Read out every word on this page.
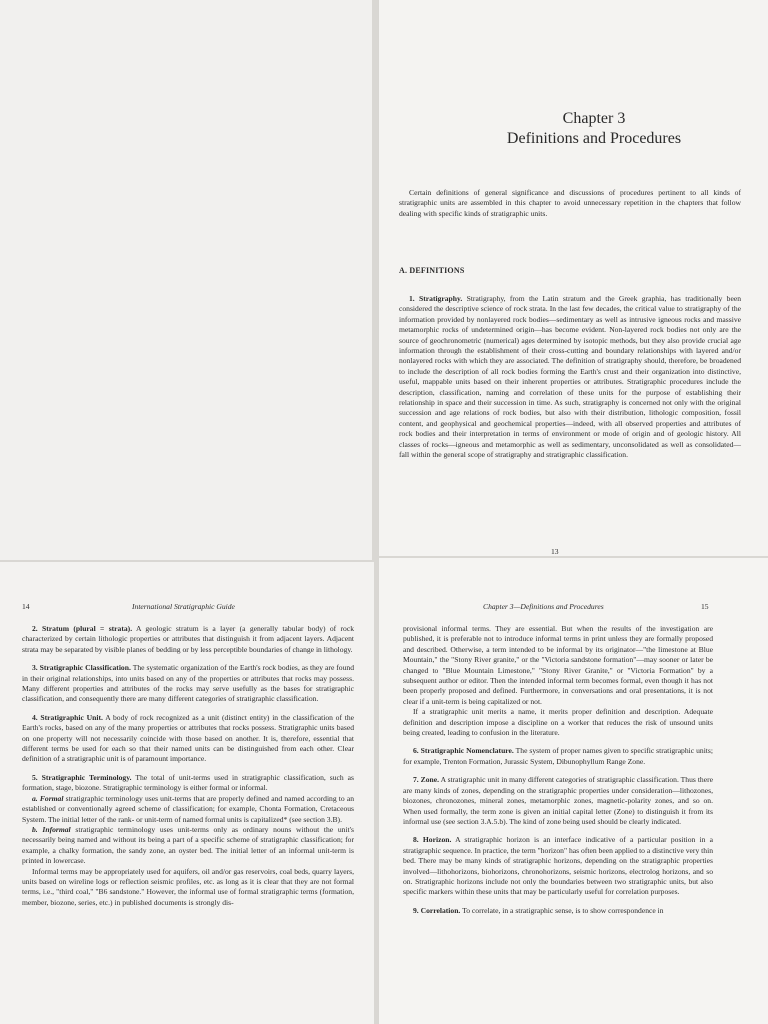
Chapter 3
Definitions and Procedures

Certain definitions of general significance and discussions of procedures pertinent to all kinds of stratigraphic units are assembled in this chapter to avoid unnecessary repetition in the chapters that follow dealing with specific kinds of stratigraphic units.

A. DEFINITIONS

1. Stratigraphy. Stratigraphy, from the Latin stratum and the Greek graphia, has traditionally been considered the descriptive science of rock strata. In the last few decades, the critical value to stratigraphy of the information provided by nonlayered rock bodies—sedimentary as well as intrusive igneous rocks and massive metamorphic rocks of undetermined origin—has become evident. Non-layered rock bodies not only are the source of geochronometric (numerical) ages determined by isotopic methods, but they also provide crucial age information through the establishment of their cross-cutting and boundary relationships with layered and/or nonlayered rocks with which they are associated. The definition of stratigraphy should, therefore, be broadened to include the description of all rock bodies forming the Earth's crust and their organization into distinctive, useful, mappable units based on their inherent properties or attributes. Stratigraphic procedures include the description, classification, naming and correlation of these units for the purpose of establishing their relationship in space and their succession in time. As such, stratigraphy is concerned not only with the original succession and age relations of rock bodies, but also with their distribution, lithologic composition, fossil content, and geophysical and geochemical properties—indeed, with all observed properties and attributes of rock bodies and their interpretation in terms of environment or mode of origin and of geologic history. All classes of rocks—igneous and metamorphic as well as sedimentary, unconsolidated as well as consolidated—fall within the general scope of stratigraphy and stratigraphic classification.

13
14	International Stratigraphic Guide

2. Stratum (plural = strata). A geologic stratum is a layer (a generally tabular body) of rock characterized by certain lithologic properties or attributes that distinguish it from adjacent layers. Adjacent strata may be separated by visible planes of bedding or by less perceptible boundaries of change in lithology.

3. Stratigraphic Classification. The systematic organization of the Earth's rock bodies, as they are found in their original relationships, into units based on any of the properties or attributes that rocks may possess. Many different properties and attributes of the rocks may serve usefully as the bases for stratigraphic classification, and consequently there are many different categories of stratigraphic classification.

4. Stratigraphic Unit. A body of rock recognized as a unit (distinct entity) in the classification of the Earth's rocks, based on any of the many properties or attributes that rocks possess. Stratigraphic units based on one property will not necessarily coincide with those based on another. It is, therefore, essential that different terms be used for each so that their named units can be distinguished from each other. Clear definition of a stratigraphic unit is of paramount importance.

5. Stratigraphic Terminology. The total of unit-terms used in stratigraphic classification, such as formation, stage, biozone. Stratigraphic terminology is either formal or informal.

a. Formal stratigraphic terminology uses unit-terms that are properly defined and named according to an established or conventionally agreed scheme of classification; for example, Chonta Formation, Cretaceous System. The initial letter of the rank- or unit-term of named formal units is capitalized* (see section 3.B).

b. Informal stratigraphic terminology uses unit-terms only as ordinary nouns without the unit's necessarily being named and without its being a part of a specific scheme of stratigraphic classification; for example, a chalky formation, the sandy zone, an oyster bed. The initial letter of an informal unit-term is printed in lowercase.

Informal terms may be appropriately used for aquifers, oil and/or gas reservoirs, coal beds, quarry layers, units based on wireline logs or reflection seismic profiles, etc. as long as it is clear that they are not formal terms, i.e., "third coal," "B6 sandstone." However, the informal use of formal stratigraphic terms (formation, member, biozone, series, etc.) in published documents is strongly dis-

Chapter 3—Definitions and Procedures	15

provisional informal terms. They are essential. But when the results of the investigation are published, it is preferable not to introduce informal terms in print unless they are formally proposed and described. Otherwise, a term intended to be informal by its originator—"the limestone at Blue Mountain," the "Stony River granite," or the "Victoria sandstone formation"—may sooner or later be changed to "Blue Mountain Limestone," "Stony River Granite," or "Victoria Formation" by a subsequent author or editor. Then the intended informal term becomes formal, even though it has not been properly proposed and defined. Furthermore, in conversations and oral presentations, it is not clear if a unit-term is being capitalized or not.

If a stratigraphic unit merits a name, it merits proper definition and description. Adequate definition and description impose a discipline on a worker that reduces the risk of unsound units being created, leading to confusion in the literature.

6. Stratigraphic Nomenclature. The system of proper names given to specific stratigraphic units; for example, Trenton Formation, Jurassic System, Dibunophyllum Range Zone.

7. Zone. A stratigraphic unit in many different categories of stratigraphic classification. Thus there are many kinds of zones, depending on the stratigraphic properties under consideration—lithozones, biozones, chronozones, mineral zones, metamorphic zones, magnetic-polarity zones, and so on. When used formally, the term zone is given an initial capital letter (Zone) to distinguish it from its informal use (see section 3.A.5.b). The kind of zone being used should be clearly indicated.

8. Horizon. A stratigraphic horizon is an interface indicative of a particular position in a stratigraphic sequence. In practice, the term "horizon" has often been applied to a distinctive very thin bed. There may be many kinds of stratigraphic horizons, depending on the stratigraphic properties involved—lithohorizons, biohorizons, chronohorizons, seismic horizons, electrolog horizons, and so on. Stratigraphic horizons include not only the boundaries between two stratigraphic units, but also specific markers within these units that may be particularly useful for correlation purposes.

9. Correlation. To correlate, in a stratigraphic sense, is to show correspondence in
